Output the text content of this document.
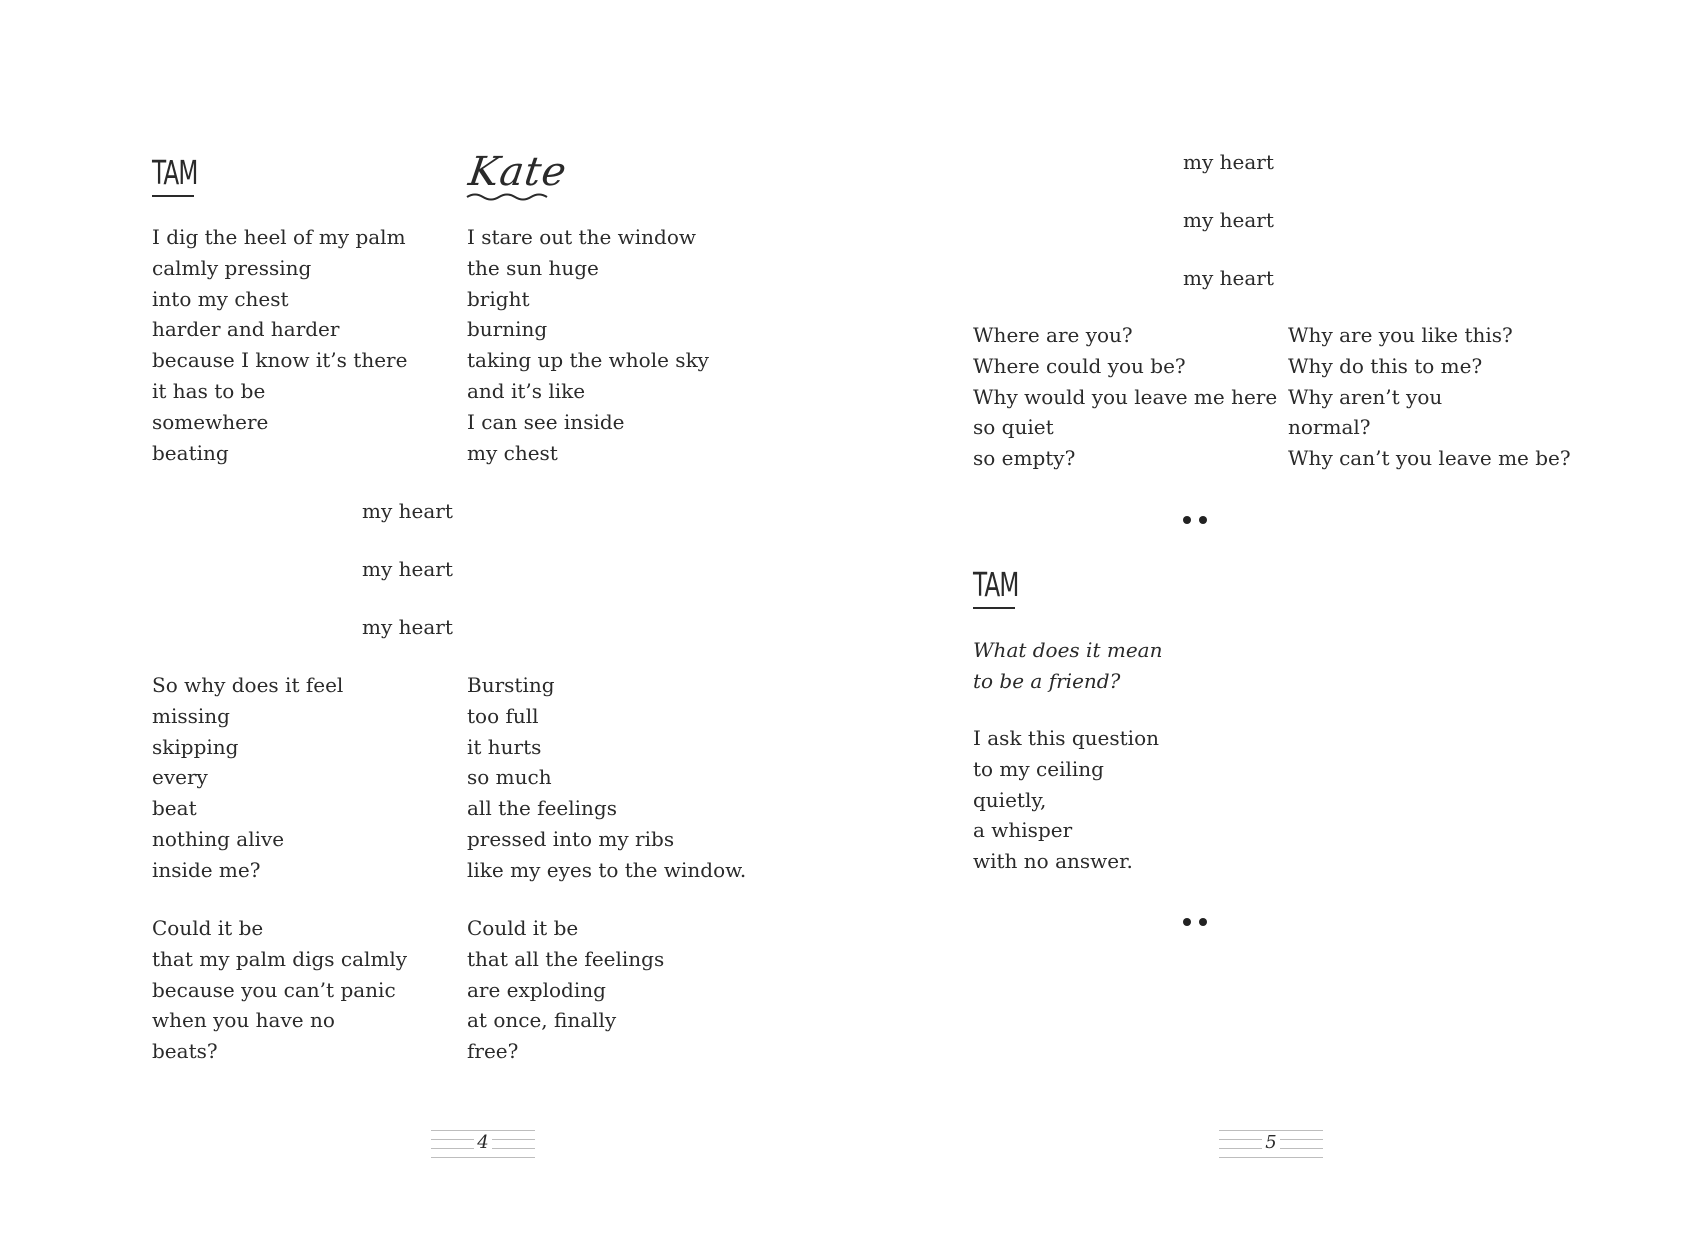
TAM	Kate
I dig the heel of my palm
calmly pressing
into my chest
harder and harder
because I know it’s there
it has to be
somewhere
beating
I stare out the window
the sun huge
bright
burning
taking up the whole sky
and it’s like
I can see inside
my chest
my heart
my heart
my heart
So why does it feel
missing
skipping
every
beat
nothing alive
inside me?
Bursting
too full
it hurts
so much
all the feelings
pressed into my ribs
like my eyes to the window.
Could it be
that my palm digs calmly
because you can’t panic
when you have no
beats?
Could it be
that all the feelings
are exploding
at once, finally
free?
4
my heart
my heart
my heart
Where are you?
Where could you be?
Why would you leave me here
so quiet
so empty?
Why are you like this?
Why do this to me?
Why aren’t you
normal?
Why can’t you leave me be?
TAM
What does it mean
to be a friend?
I ask this question
to my ceiling
quietly,
a whisper
with no answer.
5
